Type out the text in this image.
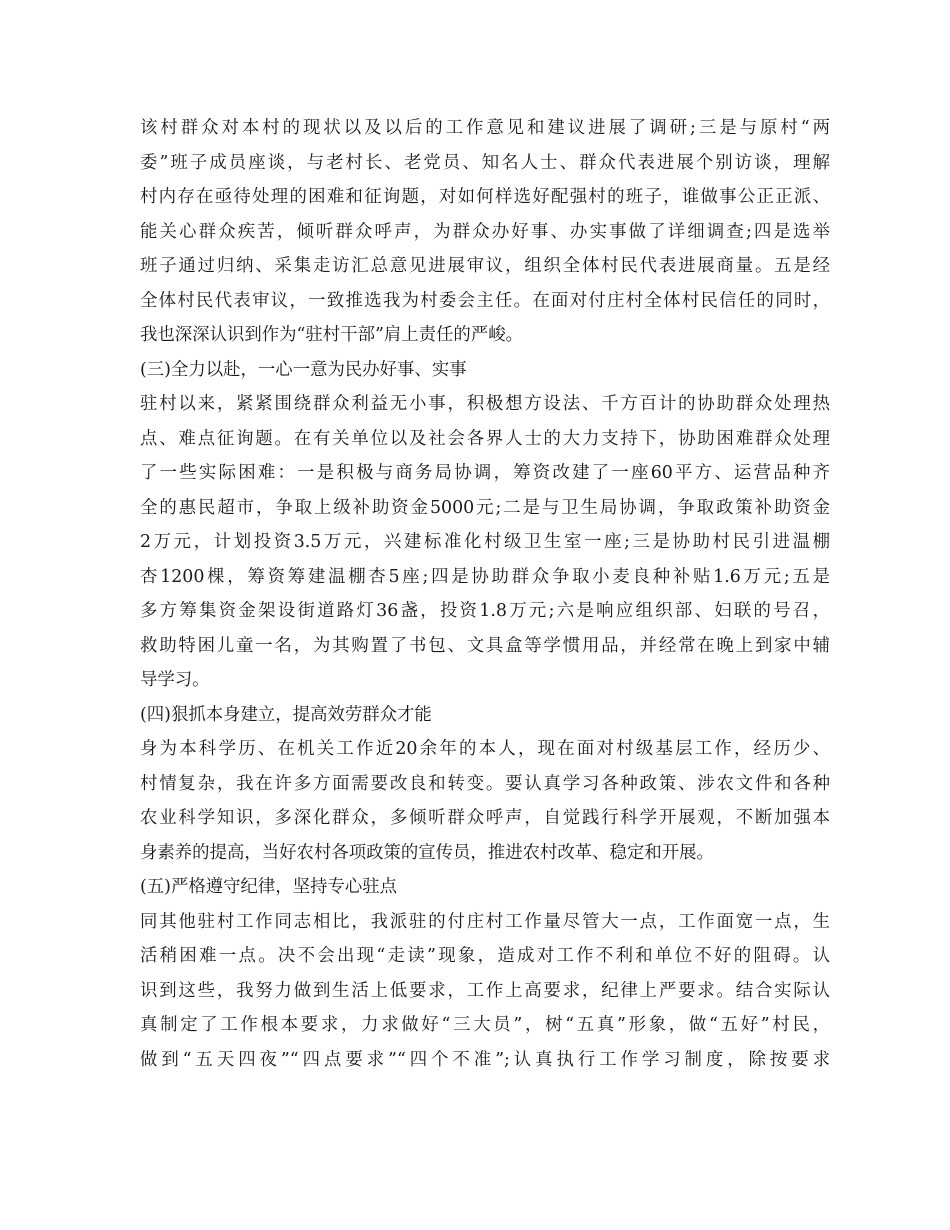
该村群众对本村的现状以及以后的工作意见和建议进展了调研;三是与原村“两
委”班子成员座谈，与老村长、老党员、知名人士、群众代表进展个别访谈，理解
村内存在亟待处理的困难和征询题，对如何样选好配强村的班子，谁做事公正正派、
能关心群众疾苦，倾听群众呼声，为群众办好事、办实事做了详细调查;四是选举
班子通过归纳、采集走访汇总意见进展审议，组织全体村民代表进展商量。五是经
全体村民代表审议，一致推选我为村委会主任。在面对付庄村全体村民信任的同时，
我也深深认识到作为“驻村干部”肩上责任的严峻。
(三)全力以赴，一心一意为民办好事、实事
驻村以来，紧紧围绕群众利益无小事，积极想方设法、千方百计的协助群众处理热
点、难点征询题。在有关单位以及社会各界人士的大力支持下，协助困难群众处理
了一些实际困难：一是积极与商务局协调，筹资改建了一座60平方、运营品种齐
全的惠民超市，争取上级补助资金5000元;二是与卫生局协调，争取政策补助资金
2万元，计划投资3.5万元，兴建标准化村级卫生室一座;三是协助村民引进温棚
杏1200棵，筹资筹建温棚杏5座;四是协助群众争取小麦良种补贴1.6万元;五是
多方筹集资金架设街道路灯36盏，投资1.8万元;六是响应组织部、妇联的号召，
救助特困儿童一名，为其购置了书包、文具盒等学惯用品，并经常在晚上到家中辅
导学习。
(四)狠抓本身建立，提高效劳群众才能
身为本科学历、在机关工作近20余年的本人，现在面对村级基层工作，经历少、
村情复杂，我在许多方面需要改良和转变。要认真学习各种政策、涉农文件和各种
农业科学知识，多深化群众，多倾听群众呼声，自觉践行科学开展观，不断加强本
身素养的提高，当好农村各项政策的宣传员，推进农村改革、稳定和开展。
(五)严格遵守纪律，坚持专心驻点
同其他驻村工作同志相比，我派驻的付庄村工作量尽管大一点，工作面宽一点，生
活稍困难一点。决不会出现“走读”现象，造成对工作不利和单位不好的阻碍。认
识到这些，我努力做到生活上低要求，工作上高要求，纪律上严要求。结合实际认
真制定了工作根本要求，力求做好“三大员”，树“五真”形象，做“五好”村民，
做到“五天四夜”“四点要求”“四个不准”;认真执行工作学习制度，除按要求
